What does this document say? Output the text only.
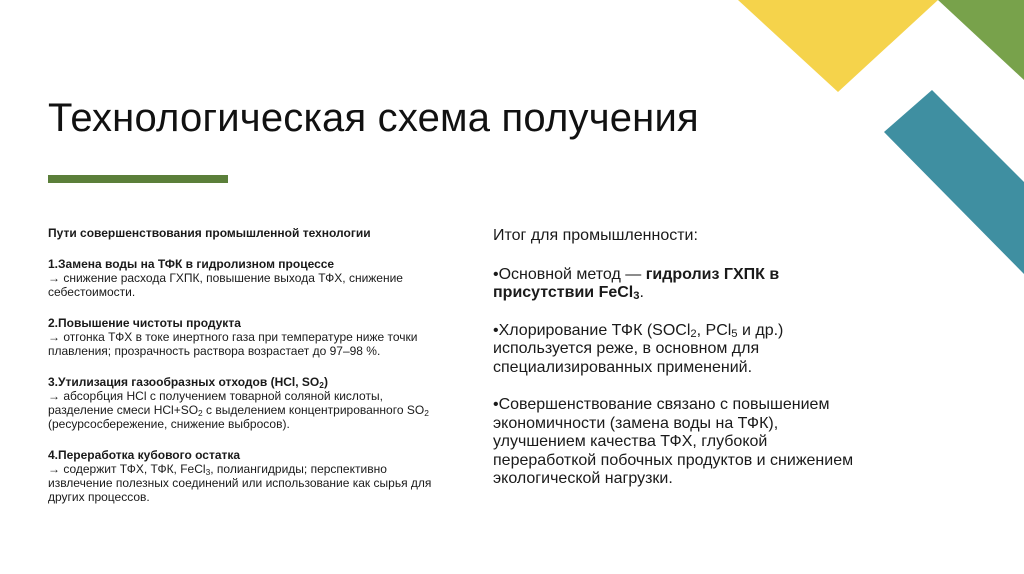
Технологическая схема получения

Пути совершенствования промышленной технологии

1.Замена воды на ТФК в гидролизном процессе
→ снижение расхода ГХПК, повышение выхода ТФХ, снижение себестоимости.
2.Повышение чистоты продукта
→ отгонка ТФХ в токе инертного газа при температуре ниже точки плавления; прозрачность раствора возрастает до 97–98 %.
3.Утилизация газообразных отходов (HCl, $SO_2$)
→ абсорбция HCl с получением товарной соляной кислоты, разделение смеси $HCl+SO_2$ с выделением концентрированного $SO_2$ (ресурсосбережение, снижение выбросов).
4.Переработка кубового остатка
→ содержит ТФХ, ТФК, FeCl$_3$, полиангидриды; перспективно извлечение полезных соединений или использование как сырья для других процессов.

Итог для промышленности:

•Основной метод — гидролиз ГХПК в присутствии FeCl$_3$.
•Хлорирование ТФК (SOCl$_2$, PCl$_5$ и др.) используется реже, в основном для специализированных применений.
•Совершенствование связано с повышением экономичности (замена воды на ТФК), улучшением качества ТФХ, глубокой переработкой побочных продуктов и снижением экологической нагрузки.
